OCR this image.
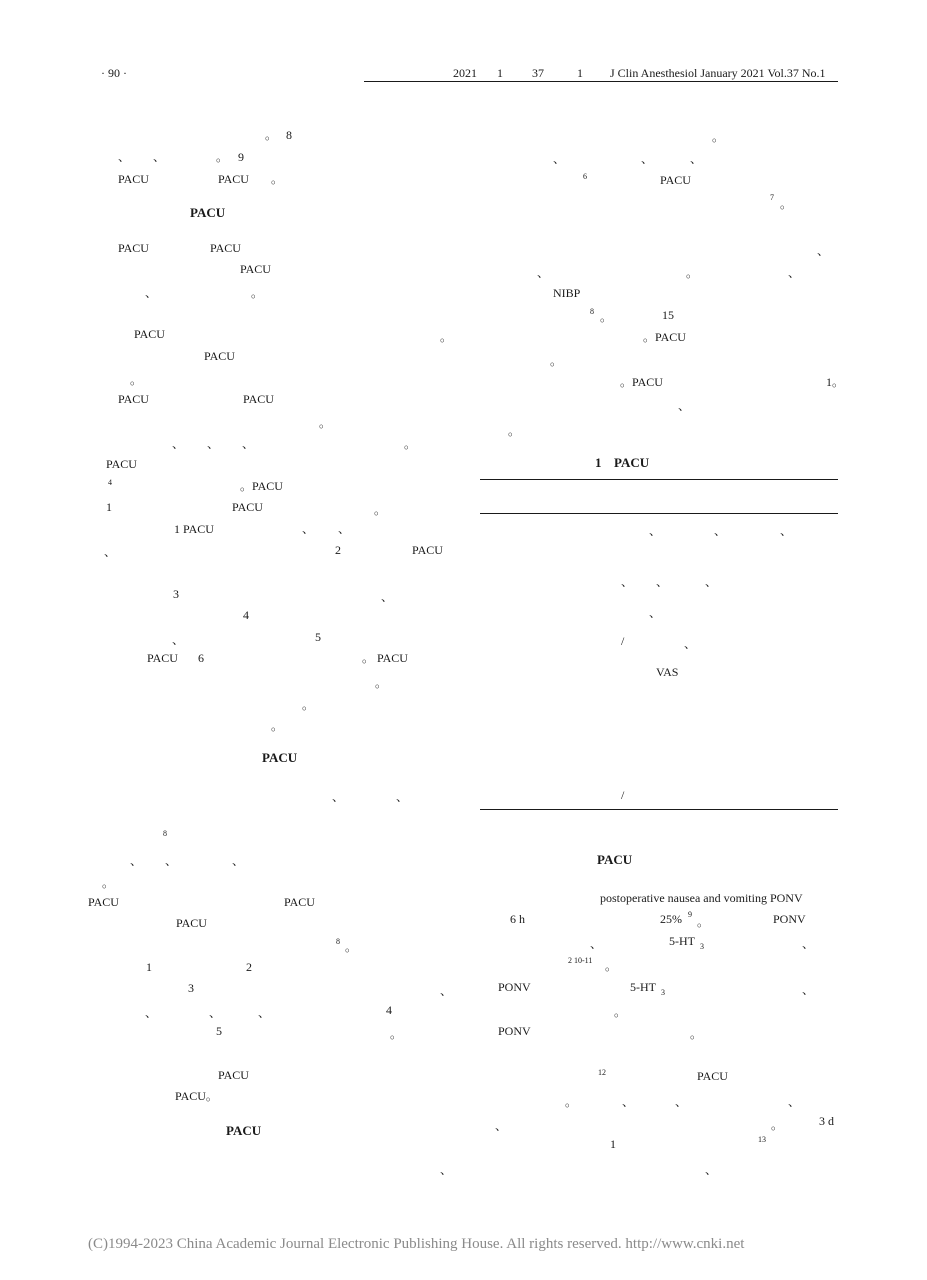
· 90 ·	2021 1 37	1 J Clin Anesthesiol January 2021 Vol.37 No.1
。 8
、 、	。 9
PACU	PACU 。
PACU
PACU	PACU
PACU
、	。
PACU	。
PACU
。
PACU	PACU
。
、 、 、	。
PACU
4	。PACU
1	PACU	。
1 PACU	、 、
、	2	PACU
3	、
4
、	5
PACU 6	。 PACU
。
。
。
PACU
、	、
8
、 、	、
。
PACU	PACU
PACU
8 。
1	2
3	、
、	、	、	4
5	。
PACU
PACU。
PACU
、
。
、	、	、
6	PACU
7 。
、
、	。	、
NIBP
8 。	15
。PACU
。
。PACU	1。
、
。
1 PACU
、	、	、
、 、	、
、
/	、
VAS
/
PACU
postoperative nausea and vomiting PONV
6 h	25% 9
。	PONV
、	5-HT 3	、
2 10-11 。
PONV	5-HT 3	、
。
PONV	。
12	PACU
。	、	、	、
、	。	3 d
1	13
、
(C)1994-2023 China Academic Journal Electronic Publishing House. All rights reserved. http://www.cnki.net
